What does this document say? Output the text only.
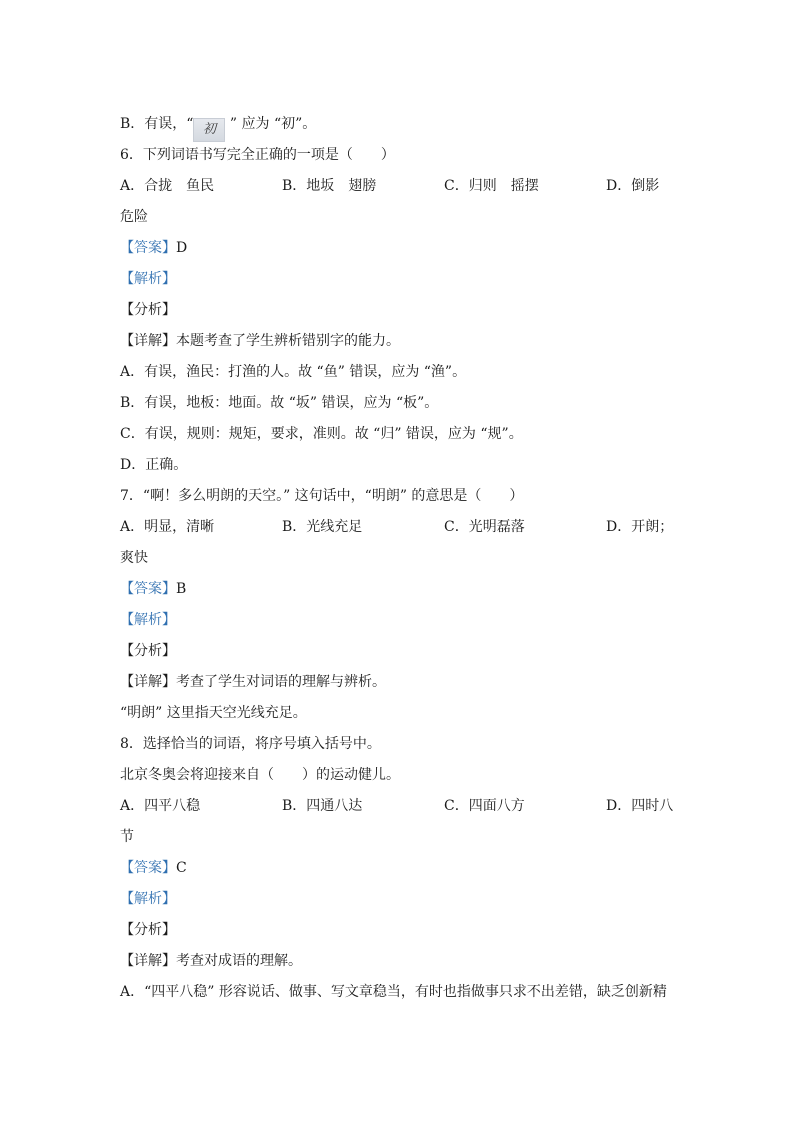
B．有误，“ 初 ” 应为 “初”。
6．下列词语书写完全正确的一项是（　　）
A．合拢　鱼民	B．地坂　翅膀	C．归则　摇摆	D．倒影
危险
【答案】D
【解析】
【分析】
【详解】本题考查了学生辨析错别字的能力。
A．有误，渔民：打渔的人。故 “鱼” 错误，应为 “渔”。
B．有误，地板：地面。故 “坂” 错误，应为 “板”。
C．有误，规则：规矩，要求，准则。故 “归” 错误，应为 “规”。
D．正确。
7．“啊！多么明朗的天空。” 这句话中，“明朗” 的意思是（　　）
A．明显，清晰	B．光线充足	C．光明磊落	D．开朗；
爽快
【答案】B
【解析】
【分析】
【详解】考查了学生对词语的理解与辨析。
“明朗” 这里指天空光线充足。
8．选择恰当的词语，将序号填入括号中。
北京冬奥会将迎接来自（　　）的运动健儿。
A．四平八稳	B．四通八达	C．四面八方	D．四时八
节
【答案】C
【解析】
【分析】
【详解】考查对成语的理解。
A．“四平八稳” 形容说话、做事、写文章稳当，有时也指做事只求不出差错，缺乏创新精
